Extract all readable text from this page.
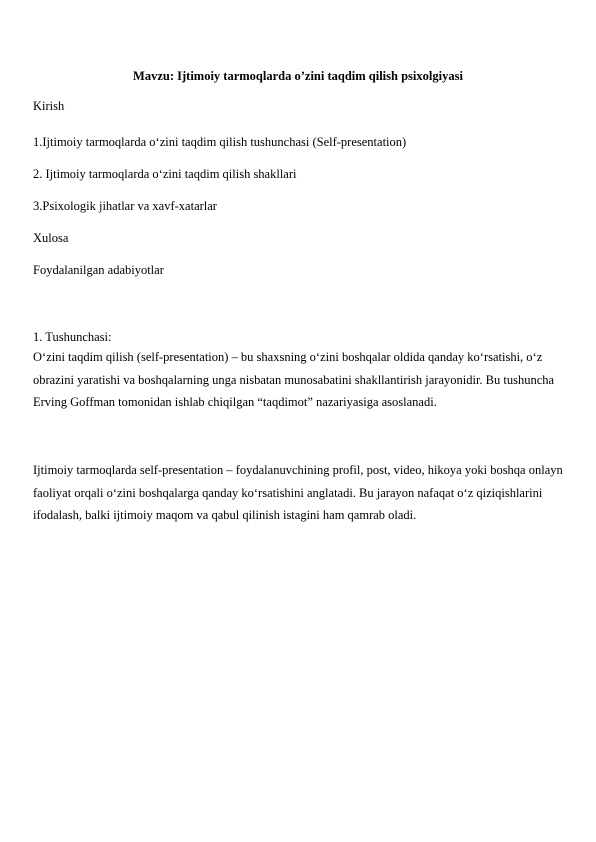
Mavzu: Ijtimoiy tarmoqlarda o’zini taqdim qilish psixolgiyasi
Kirish
1.Ijtimoiy tarmoqlarda o‘zini taqdim qilish tushunchasi (Self-presentation)
2. Ijtimoiy tarmoqlarda o‘zini taqdim qilish shakllari
3.Psixologik jihatlar va xavf-xatarlar
Xulosa
Foydalanilgan adabiyotlar
1. Tushunchasi:
O‘zini taqdim qilish (self-presentation) – bu shaxsning o‘zini boshqalar oldida qanday ko‘rsatishi, o‘z obrazini yaratishi va boshqalarning unga nisbatan munosabatini shakllantirish jarayonidir. Bu tushuncha Erving Goffman tomonidan ishlab chiqilgan “taqdimot” nazariyasiga asoslanadi.
Ijtimoiy tarmoqlarda self-presentation – foydalanuvchining profil, post, video, hikoya yoki boshqa onlayn faoliyat orqali o‘zini boshqalarga qanday ko‘rsatishini anglatadi. Bu jarayon nafaqat o‘z qiziqishlarini ifodalash, balki ijtimoiy maqom va qabul qilinish istagini ham qamrab oladi.
